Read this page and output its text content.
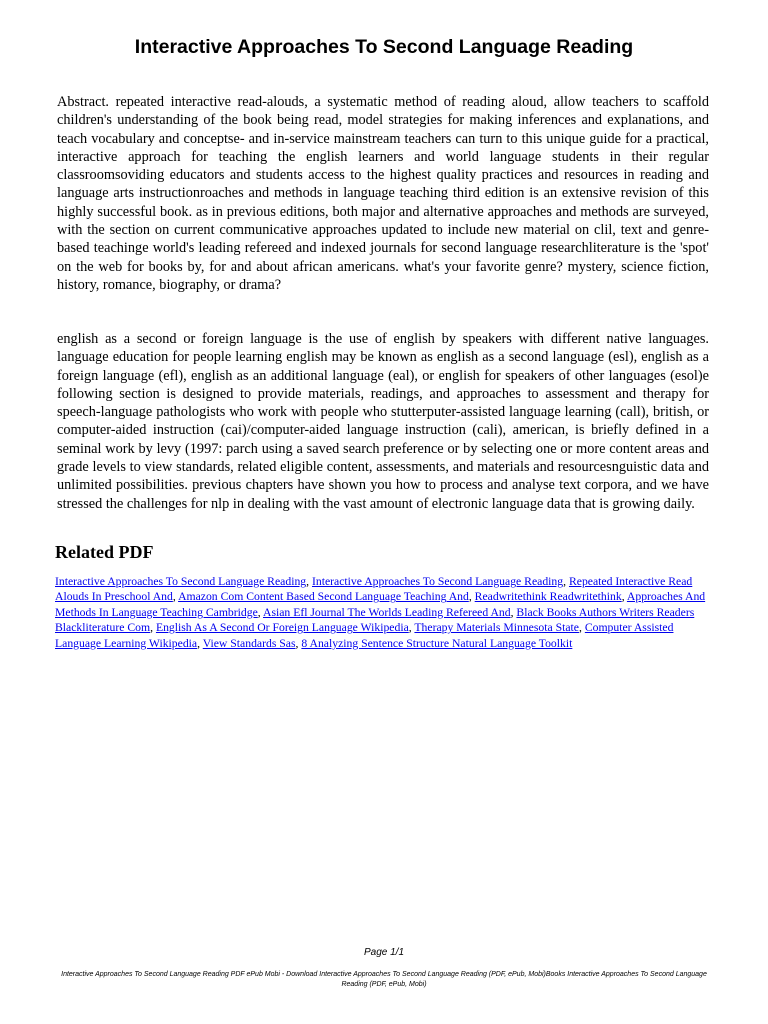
Interactive Approaches To Second Language Reading

Abstract. repeated interactive read-alouds, a systematic method of reading aloud, allow teachers to scaffold children's understanding of the book being read, model strategies for making inferences and explanations, and teach vocabulary and conceptse- and in-service mainstream teachers can turn to this unique guide for a practical, interactive approach for teaching the english learners and world language students in their regular classroomsoviding educators and students access to the highest quality practices and resources in reading and language arts instructionroaches and methods in language teaching third edition is an extensive revision of this highly successful book. as in previous editions, both major and alternative approaches and methods are surveyed, with the section on current communicative approaches updated to include new material on clil, text and genre-based teachinge world's leading refereed and indexed journals for second language researchliterature is the 'spot' on the web for books by, for and about african americans. what's your favorite genre? mystery, science fiction, history, romance, biography, or drama?

english as a second or foreign language is the use of english by speakers with different native languages. language education for people learning english may be known as english as a second language (esl), english as a foreign language (efl), english as an additional language (eal), or english for speakers of other languages (esol)e following section is designed to provide materials, readings, and approaches to assessment and therapy for speech-language pathologists who work with people who stutterputer-assisted language learning (call), british, or computer-aided instruction (cai)/computer-aided language instruction (cali), american, is briefly defined in a seminal work by levy (1997: parch using a saved search preference or by selecting one or more content areas and grade levels to view standards, related eligible content, assessments, and materials and resourcesnguistic data and unlimited possibilities. previous chapters have shown you how to process and analyse text corpora, and we have stressed the challenges for nlp in dealing with the vast amount of electronic language data that is growing daily.

Related PDF
Interactive Approaches To Second Language Reading, Interactive Approaches To Second Language Reading, Repeated Interactive Read Alouds In Preschool And, Amazon Com Content Based Second Language Teaching And, Readwritethink Readwritethink, Approaches And Methods In Language Teaching Cambridge, Asian Efl Journal The Worlds Leading Refereed And, Black Books Authors Writers Readers Blackliterature Com, English As A Second Or Foreign Language Wikipedia, Therapy Materials Minnesota State, Computer Assisted Language Learning Wikipedia, View Standards Sas, 8 Analyzing Sentence Structure Natural Language Toolkit
Page 1/1
Interactive Approaches To Second Language Reading PDF ePub Mobi - Download Interactive Approaches To Second Language Reading (PDF, ePub, Mobi)Books Interactive Approaches To Second Language Reading (PDF, ePub, Mobi)
